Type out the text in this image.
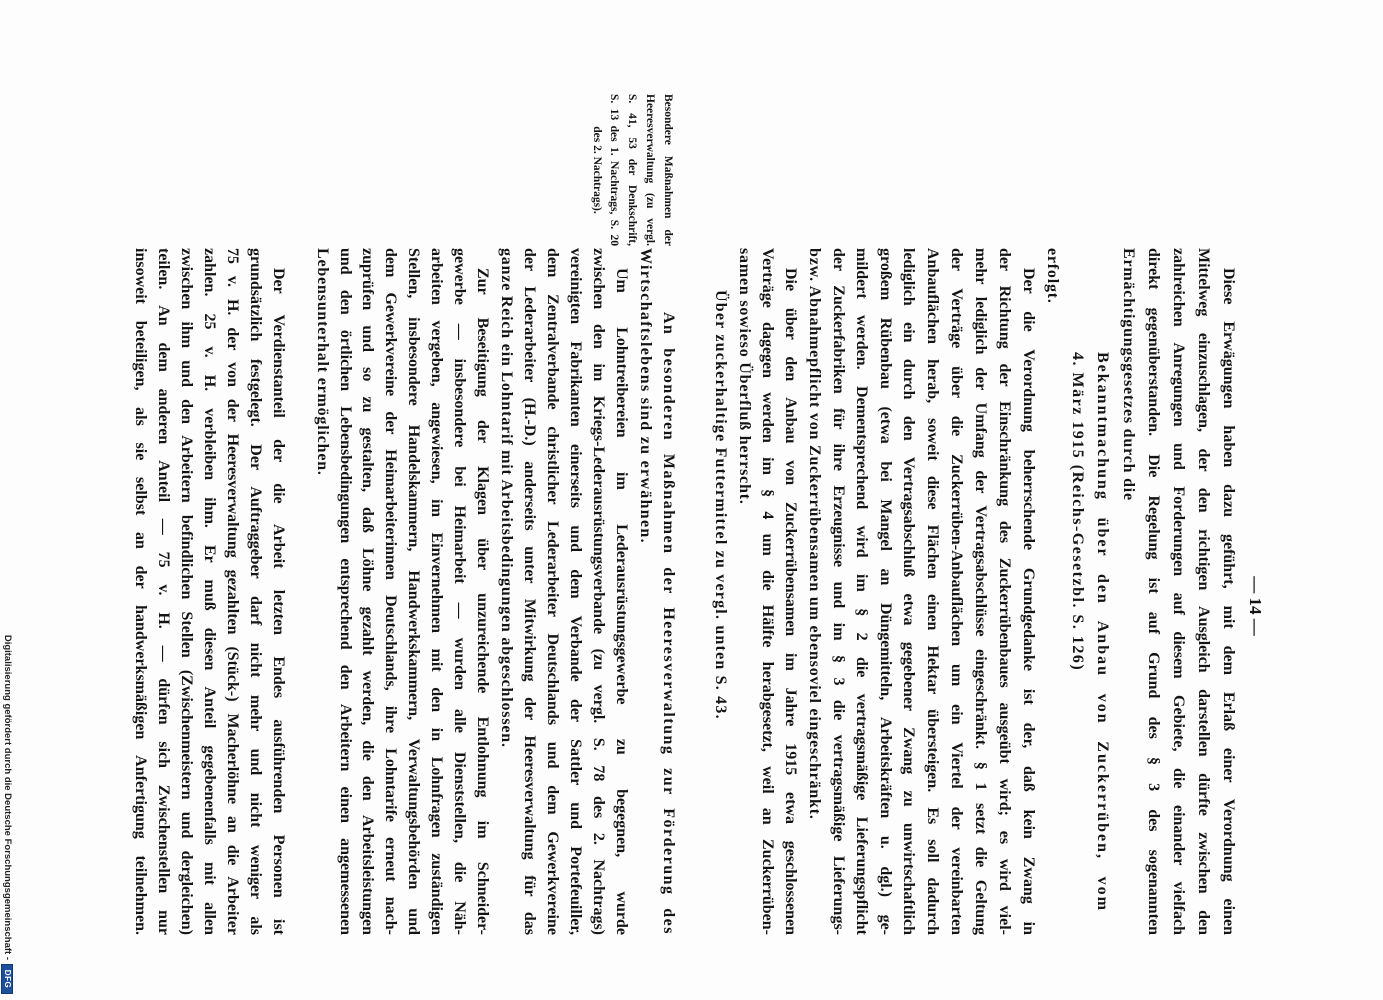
— 14 —
Diese Erwägungen haben dazu geführt, mit dem Erlaß einer Verordnung einen
Mittelweg einzuschlagen, der den richtigen Ausgleich darstellen dürfte zwischen den
zahlreichen Anregungen und Forderungen auf diesem Gebiete, die einander vielfach
direkt gegenüberstanden. Die Regelung ist auf Grund des § 3 des sogenannten
Ermächtigungsgesetzes durch die
Bekanntmachung über den Anbau von Zuckerrüben, vom
4. März 1915 (Reichs-Gesetzbl. S. 126)
erfolgt.
Der die Verordnung beherrschende Grundgedanke ist der, daß kein Zwang in
der Richtung der Einschränkung des Zuckerrübenbaues ausgeübt wird; es wird viel-
mehr lediglich der Umfang der Vertragsabschlüsse eingeschränkt. § 1 setzt die Geltung
der Verträge über die Zuckerrüben-Anbauflächen um ein Viertel der vereinbarten
Anbauflächen herab, soweit diese Flächen einen Hektar übersteigen. Es soll dadurch
lediglich ein durch den Vertragsabschluß etwa gegebener Zwang zu unwirtschaftlich
großem Rübenbau (etwa bei Mangel an Düngemitteln, Arbeitskräften u. dgl.) ge-
mildert werden. Dementsprechend wird im § 2 die vertragsmäßige Lieferungspflicht
der Zuckerfabriken für ihre Erzeugnisse und im § 3 die vertragsmäßige Lieferungs-
bzw. Abnahmepflicht von Zuckerrübensamen um ebensoviel eingeschränkt.
Die über den Anbau von Zuckerrübensamen im Jahre 1915 etwa geschlossenen
Verträge dagegen werden im § 4 um die Hälfte herabgesetzt, weil an Zuckerrüben-
samen sowieso Überfluß herrscht.
Über zuckerhaltige Futtermittel zu vergl. unten S. 43.
An besonderen Maßnahmen der Heeresverwaltung zur Förderung des
Wirtschaftslebens sind zu erwähnen.
Besondere Maßnahmen der
Heeresverwaltung (zu vergl.
S. 41, 53 der Denkschrift,
S. 13 des 1. Nachtrags, S. 20
des 2. Nachtrags).
Um Lohntreibereien im Lederausrüstungsgewerbe zu begegnen, wurde
zwischen den im Kriegs-Lederausrüstungsverbande (zu vergl. S. 78 des 2. Nachtrags)
vereinigten Fabrikanten einerseits und dem Verbande der Sattler und Portefeuiller,
dem Zentralverbande christlicher Lederarbeiter Deutschlands und dem Gewerkvereine
der Lederarbeiter (H.-D.) anderseits unter Mitwirkung der Heeresverwaltung für das
ganze Reich ein Lohntarif mit Arbeitsbedingungen abgeschlossen.
Zur Beseitigung der Klagen über unzureichende Entlohnung im Schneider-
gewerbe — insbesondere bei Heimarbeit — wurden alle Dienststellen, die Näh-
arbeiten vergeben, angewiesen, im Einvernehmen mit den in Lohnfragen zuständigen
Stellen, insbesondere Handelskammern, Handwerkskammern, Verwaltungsbehörden und
dem Gewerkvereine der Heimarbeiterinnen Deutschlands, ihre Lohntarife erneut nach-
zuprüfen und so zu gestalten, daß Löhne gezahlt werden, die den Arbeitsleistungen
und den örtlichen Lebensbedingungen entsprechend den Arbeitern einen angemessenen
Lebensunterhalt ermöglichen.
Der Verdienstanteil der die Arbeit letzten Endes ausführenden Personen ist
grundsätzlich festgelegt. Der Auftraggeber darf nicht mehr und nicht weniger als
75 v. H. der von der Heeresverwaltung gezahlten (Stück-) Macherlöhne an die Arbeiter
zahlen. 25 v. H. verbleiben ihm. Er muß diesen Anteil gegebenenfalls mit allen
zwischen ihm und den Arbeitern befindlichen Stellen (Zwischenmeistern und dergleichen)
teilen. An dem anderen Anteil — 75 v. H. — dürfen sich Zwischenstellen nur
insoweit beteiligen, als sie selbst an der handwerksmäßigen Anfertigung teilnehmen.
Digitalisierung gefördert durch die Deutsche Forschungsgemeinschaft -
DFG
